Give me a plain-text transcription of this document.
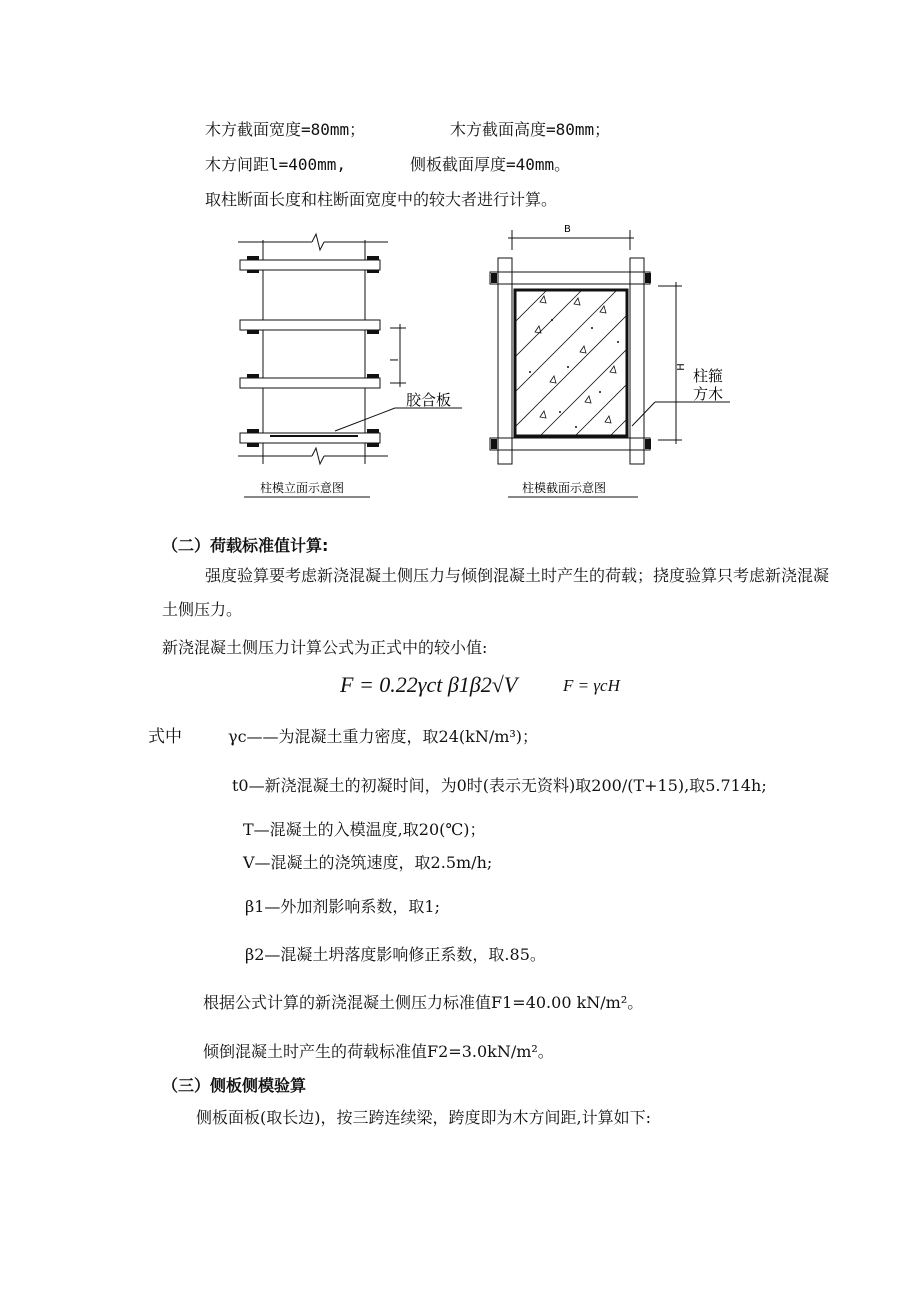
木方截面宽度=80mm；	木方截面高度=80mm；
木方间距l=400mm,	侧板截面厚度=40mm。
取柱断面长度和柱断面宽度中的较大者进行计算。
l
胶合板
柱模立面示意图
B
H 柱箍
方木
柱模截面示意图
（二）荷载标准值计算:
强度验算要考虑新浇混凝土侧压力与倾倒混凝土时产生的荷载；挠度验算只考虑新浇混凝
土侧压力。
新浇混凝土侧压力计算公式为正式中的较小值:
F = 0.22γct β1β2√V	F = γcH
式中	γc——为混凝土重力密度，取24(kN/m³)；
t0—新浇混凝土的初凝时间，为0时(表示无资料)取200/(T+15),取5.714h;
T—混凝土的入模温度,取20(℃)；
V—混凝土的浇筑速度，取2.5m/h;
β1—外加剂影响系数，取1;
β2—混凝土坍落度影响修正系数，取.85。
根据公式计算的新浇混凝土侧压力标准值F1=40.00 kN/m²。
倾倒混凝土时产生的荷载标准值F2=3.0kN/m²。
（三）侧板侧模验算
侧板面板(取长边)，按三跨连续梁，跨度即为木方间距,计算如下:
